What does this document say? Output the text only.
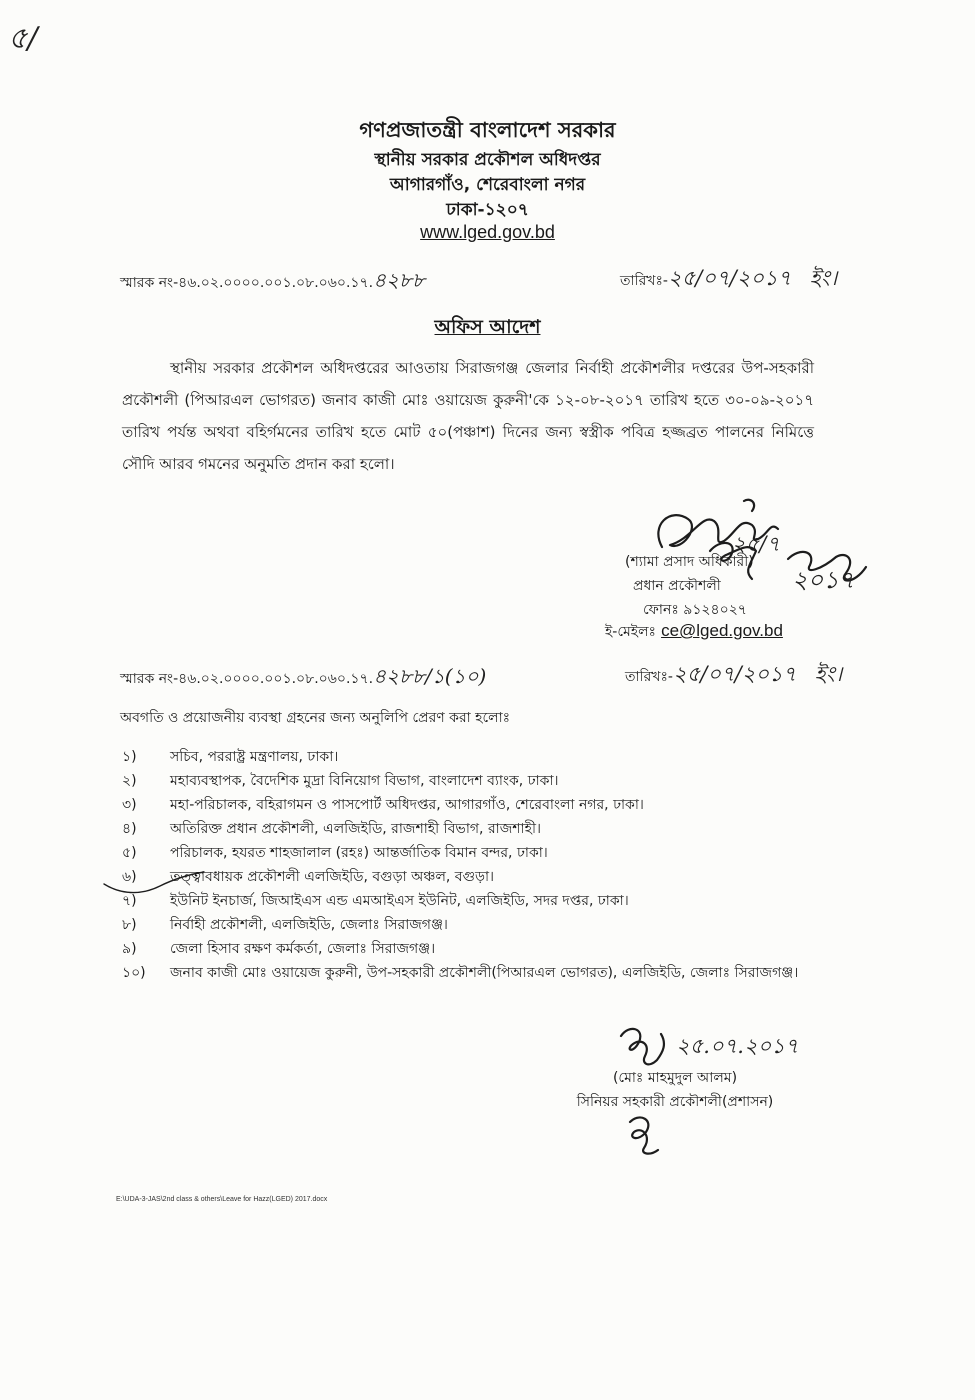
৫/
গণপ্রজাতন্ত্রী বাংলাদেশ সরকার
স্থানীয় সরকার প্রকৌশল অধিদপ্তর
আগারগাঁও, শেরেবাংলা নগর
ঢাকা-১২০৭
www.lged.gov.bd
স্মারক নং-৪৬.০২.০০০০.০০১.০৮.০৬০.১৭.৪২৮৮	তারিখঃ-২৫/০৭/২০১৭ ইং।
অফিস আদেশ

স্থানীয় সরকার প্রকৌশল অধিদপ্তরের আওতায় সিরাজগঞ্জ জেলার নির্বাহী প্রকৌশলীর দপ্তরের উপ-সহকারী প্রকৌশলী (পিআরএল ভোগরত) জনাব কাজী মোঃ ওয়ায়েজ কুরুনী'কে ১২-০৮-২০১৭ তারিখ হতে ৩০-০৯-২০১৭ তারিখ পর্যন্ত অথবা বহির্গমনের তারিখ হতে মোট ৫০(পঞ্চাশ) দিনের জন্য স্বস্ত্রীক পবিত্র হজ্জব্রত পালনের নিমিত্তে সৌদি আরব গমনের অনুমতি প্রদান করা হলো।

(শ্যামা প্রসাদ অধিকারী)
প্রধান প্রকৌশলী
ফোনঃ ৯১২৪০২৭
ই-মেইলঃ ce@lged.gov.bd
২৫/৭
২০১৭
স্মারক নং-৪৬.০২.০০০০.০০১.০৮.০৬০.১৭.৪২৮৮/১(১০)	তারিখঃ-২৫/০৭/২০১৭ ইং।
অবগতি ও প্রয়োজনীয় ব্যবস্থা গ্রহনের জন্য অনুলিপি প্রেরণ করা হলোঃ
১) সচিব, পররাষ্ট্র মন্ত্রণালয়, ঢাকা।
২) মহাব্যবস্থাপক, বৈদেশিক মুদ্রা বিনিয়োগ বিভাগ, বাংলাদেশ ব্যাংক, ঢাকা।
৩) মহা-পরিচালক, বহিরাগমন ও পাসপোর্ট অধিদপ্তর, আগারগাঁও, শেরেবাংলা নগর, ঢাকা।
৪) অতিরিক্ত প্রধান প্রকৌশলী, এলজিইডি, রাজশাহী বিভাগ, রাজশাহী।
৫) পরিচালক, হযরত শাহজালাল (রহঃ) আন্তর্জাতিক বিমান বন্দর, ঢাকা।
৬) তত্ত্বাবধায়ক প্রকৌশলী এলজিইডি, বগুড়া অঞ্চল, বগুড়া।
৭) ইউনিট ইনচার্জ, জিআইএস এন্ড এমআইএস ইউনিট, এলজিইডি, সদর দপ্তর, ঢাকা।
৮) নির্বাহী প্রকৌশলী, এলজিইডি, জেলাঃ সিরাজগঞ্জ।
৯) জেলা হিসাব রক্ষণ কর্মকর্তা, জেলাঃ সিরাজগঞ্জ।
১০) জনাব কাজী মোঃ ওয়ায়েজ কুরুনী, উপ-সহকারী প্রকৌশলী(পিআরএল ভোগরত), এলজিইডি, জেলাঃ সিরাজগঞ্জ।
২৫.০৭.২০১৭
(মোঃ মাহমুদুল আলম)
সিনিয়র সহকারী প্রকৌশলী(প্রশাসন)
E:\UDA-3-JAS\2nd class & others\Leave for Hazz(LGED) 2017.docx
